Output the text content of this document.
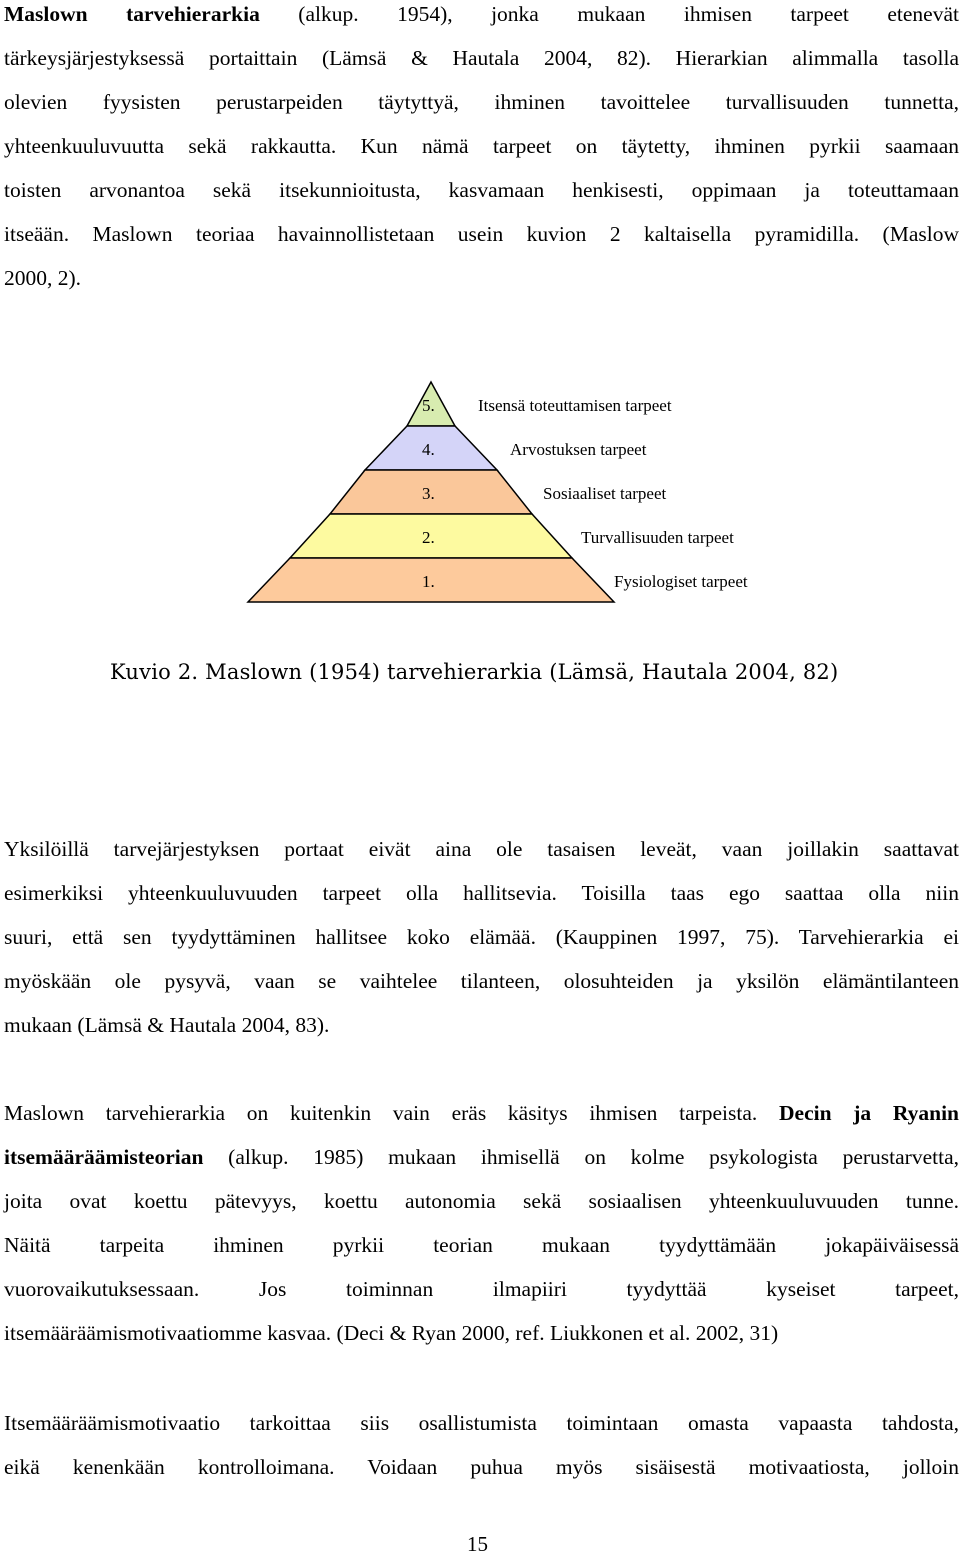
Maslown tarvehierarkia (alkup. 1954), jonka mukaan ihmisen tarpeet etenevät
tärkeysjärjestyksessä portaittain (Lämsä & Hautala 2004, 82). Hierarkian alimmalla tasolla
olevien fyysisten perustarpeiden täytyttyä, ihminen tavoittelee turvallisuuden tunnetta,
yhteenkuuluvuutta sekä rakkautta. Kun nämä tarpeet on täytetty, ihminen pyrkii saamaan
toisten arvonantoa sekä itsekunnioitusta, kasvamaan henkisesti, oppimaan ja toteuttamaan
itseään. Maslown teoriaa havainnollistetaan usein kuvion 2 kaltaisella pyramidilla. (Maslow
2000, 2).
5.	Itsensä toteuttamisen tarpeet
4.	Arvostuksen tarpeet
3.	Sosiaaliset tarpeet
2.	Turvallisuuden tarpeet
1.	Fysiologiset tarpeet
Kuvio 2. Maslown (1954) tarvehierarkia (Lämsä, Hautala 2004, 82)
Yksilöillä tarvejärjestyksen portaat eivät aina ole tasaisen leveät, vaan joillakin saattavat
esimerkiksi yhteenkuuluvuuden tarpeet olla hallitsevia. Toisilla taas ego saattaa olla niin
suuri, että sen tyydyttäminen hallitsee koko elämää. (Kauppinen 1997, 75). Tarvehierarkia ei
myöskään ole pysyvä, vaan se vaihtelee tilanteen, olosuhteiden ja yksilön elämäntilanteen
mukaan (Lämsä & Hautala 2004, 83).
Maslown tarvehierarkia on kuitenkin vain eräs käsitys ihmisen tarpeista. Decin ja Ryanin
itsemääräämisteorian (alkup. 1985) mukaan ihmisellä on kolme psykologista perustarvetta,
joita ovat koettu pätevyys, koettu autonomia sekä sosiaalisen yhteenkuuluvuuden tunne.
Näitä tarpeita ihminen pyrkii teorian mukaan tyydyttämään jokapäiväisessä
vuorovaikutuksessaan. Jos toiminnan ilmapiiri tyydyttää kyseiset tarpeet,
itsemääräämismotivaatiomme kasvaa. (Deci & Ryan 2000, ref. Liukkonen et al. 2002, 31)
Itsemääräämismotivaatio tarkoittaa siis osallistumista toimintaan omasta vapaasta tahdosta,
eikä kenenkään kontrolloimana. Voidaan puhua myös sisäisestä motivaatiosta, jolloin
15
